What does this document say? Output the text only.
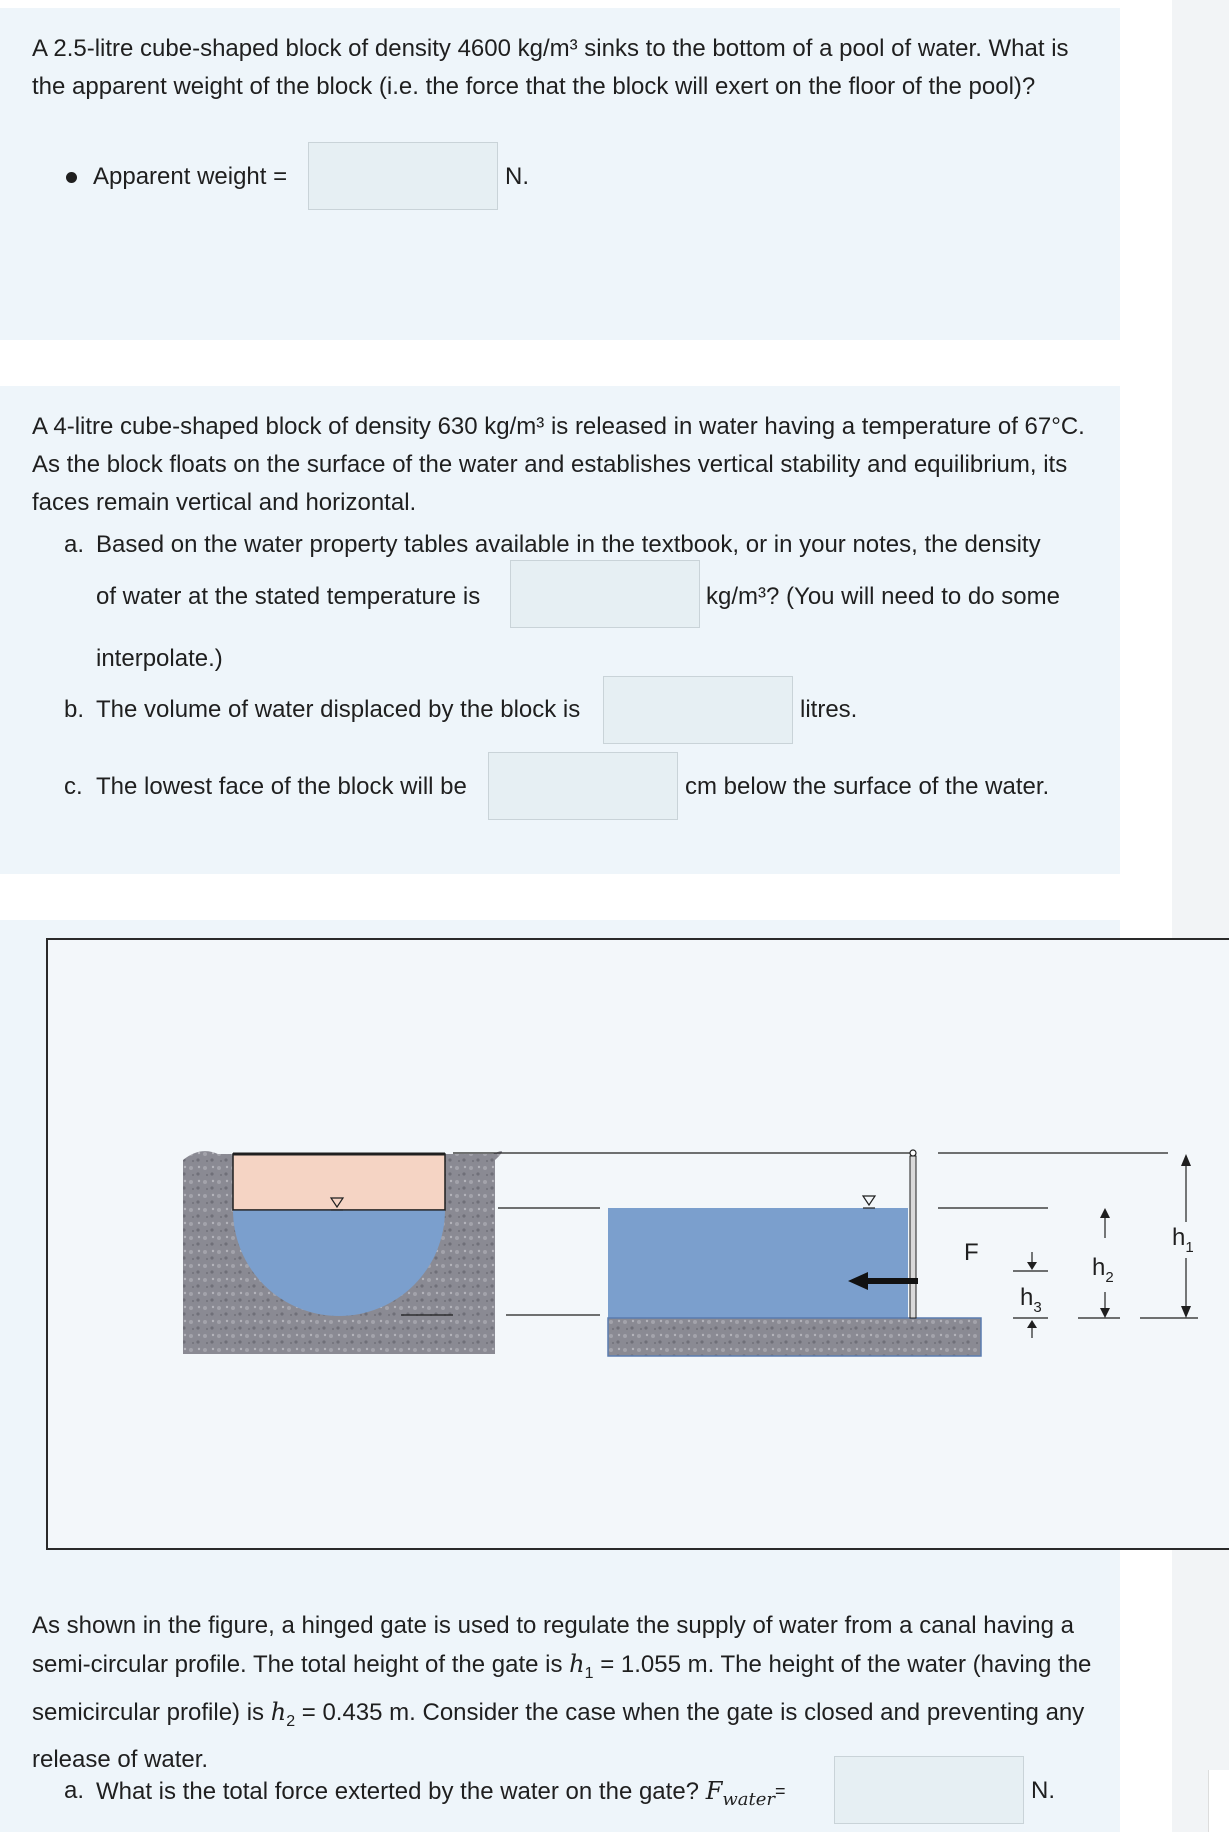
A 2.5-litre cube-shaped block of density 4600 kg/m³ sinks to the bottom of a pool of water. What is the apparent weight of the block (i.e. the force that the block will exert on the floor of the pool)?

Apparent weight =	N.

A 4-litre cube-shaped block of density 630 kg/m³ is released in water having a temperature of 67°C. As the block floats on the surface of the water and establishes vertical stability and equilibrium, its faces remain vertical and horizontal.

a. Based on the water property tables available in the textbook, or in your notes, the density
of water at the stated temperature is	kg/m³? (You will need to do some
interpolate.)
b. The volume of water displaced by the block is	litres.
c. The lowest face of the block will be	cm below the surface of the water.
F
$h_3$
$h_2$
$h_1$

As shown in the figure, a hinged gate is used to regulate the supply of water from a canal having a semi-circular profile. The total height of the gate is $h_1 = 1.055$ m. The height of the water (having the semicircular profile) is $h_2 = 0.435$ m. Consider the case when the gate is closed and preventing any release of water.

a. What is the total force exterted by the water on the gate? $F_{water}^=$	N.
